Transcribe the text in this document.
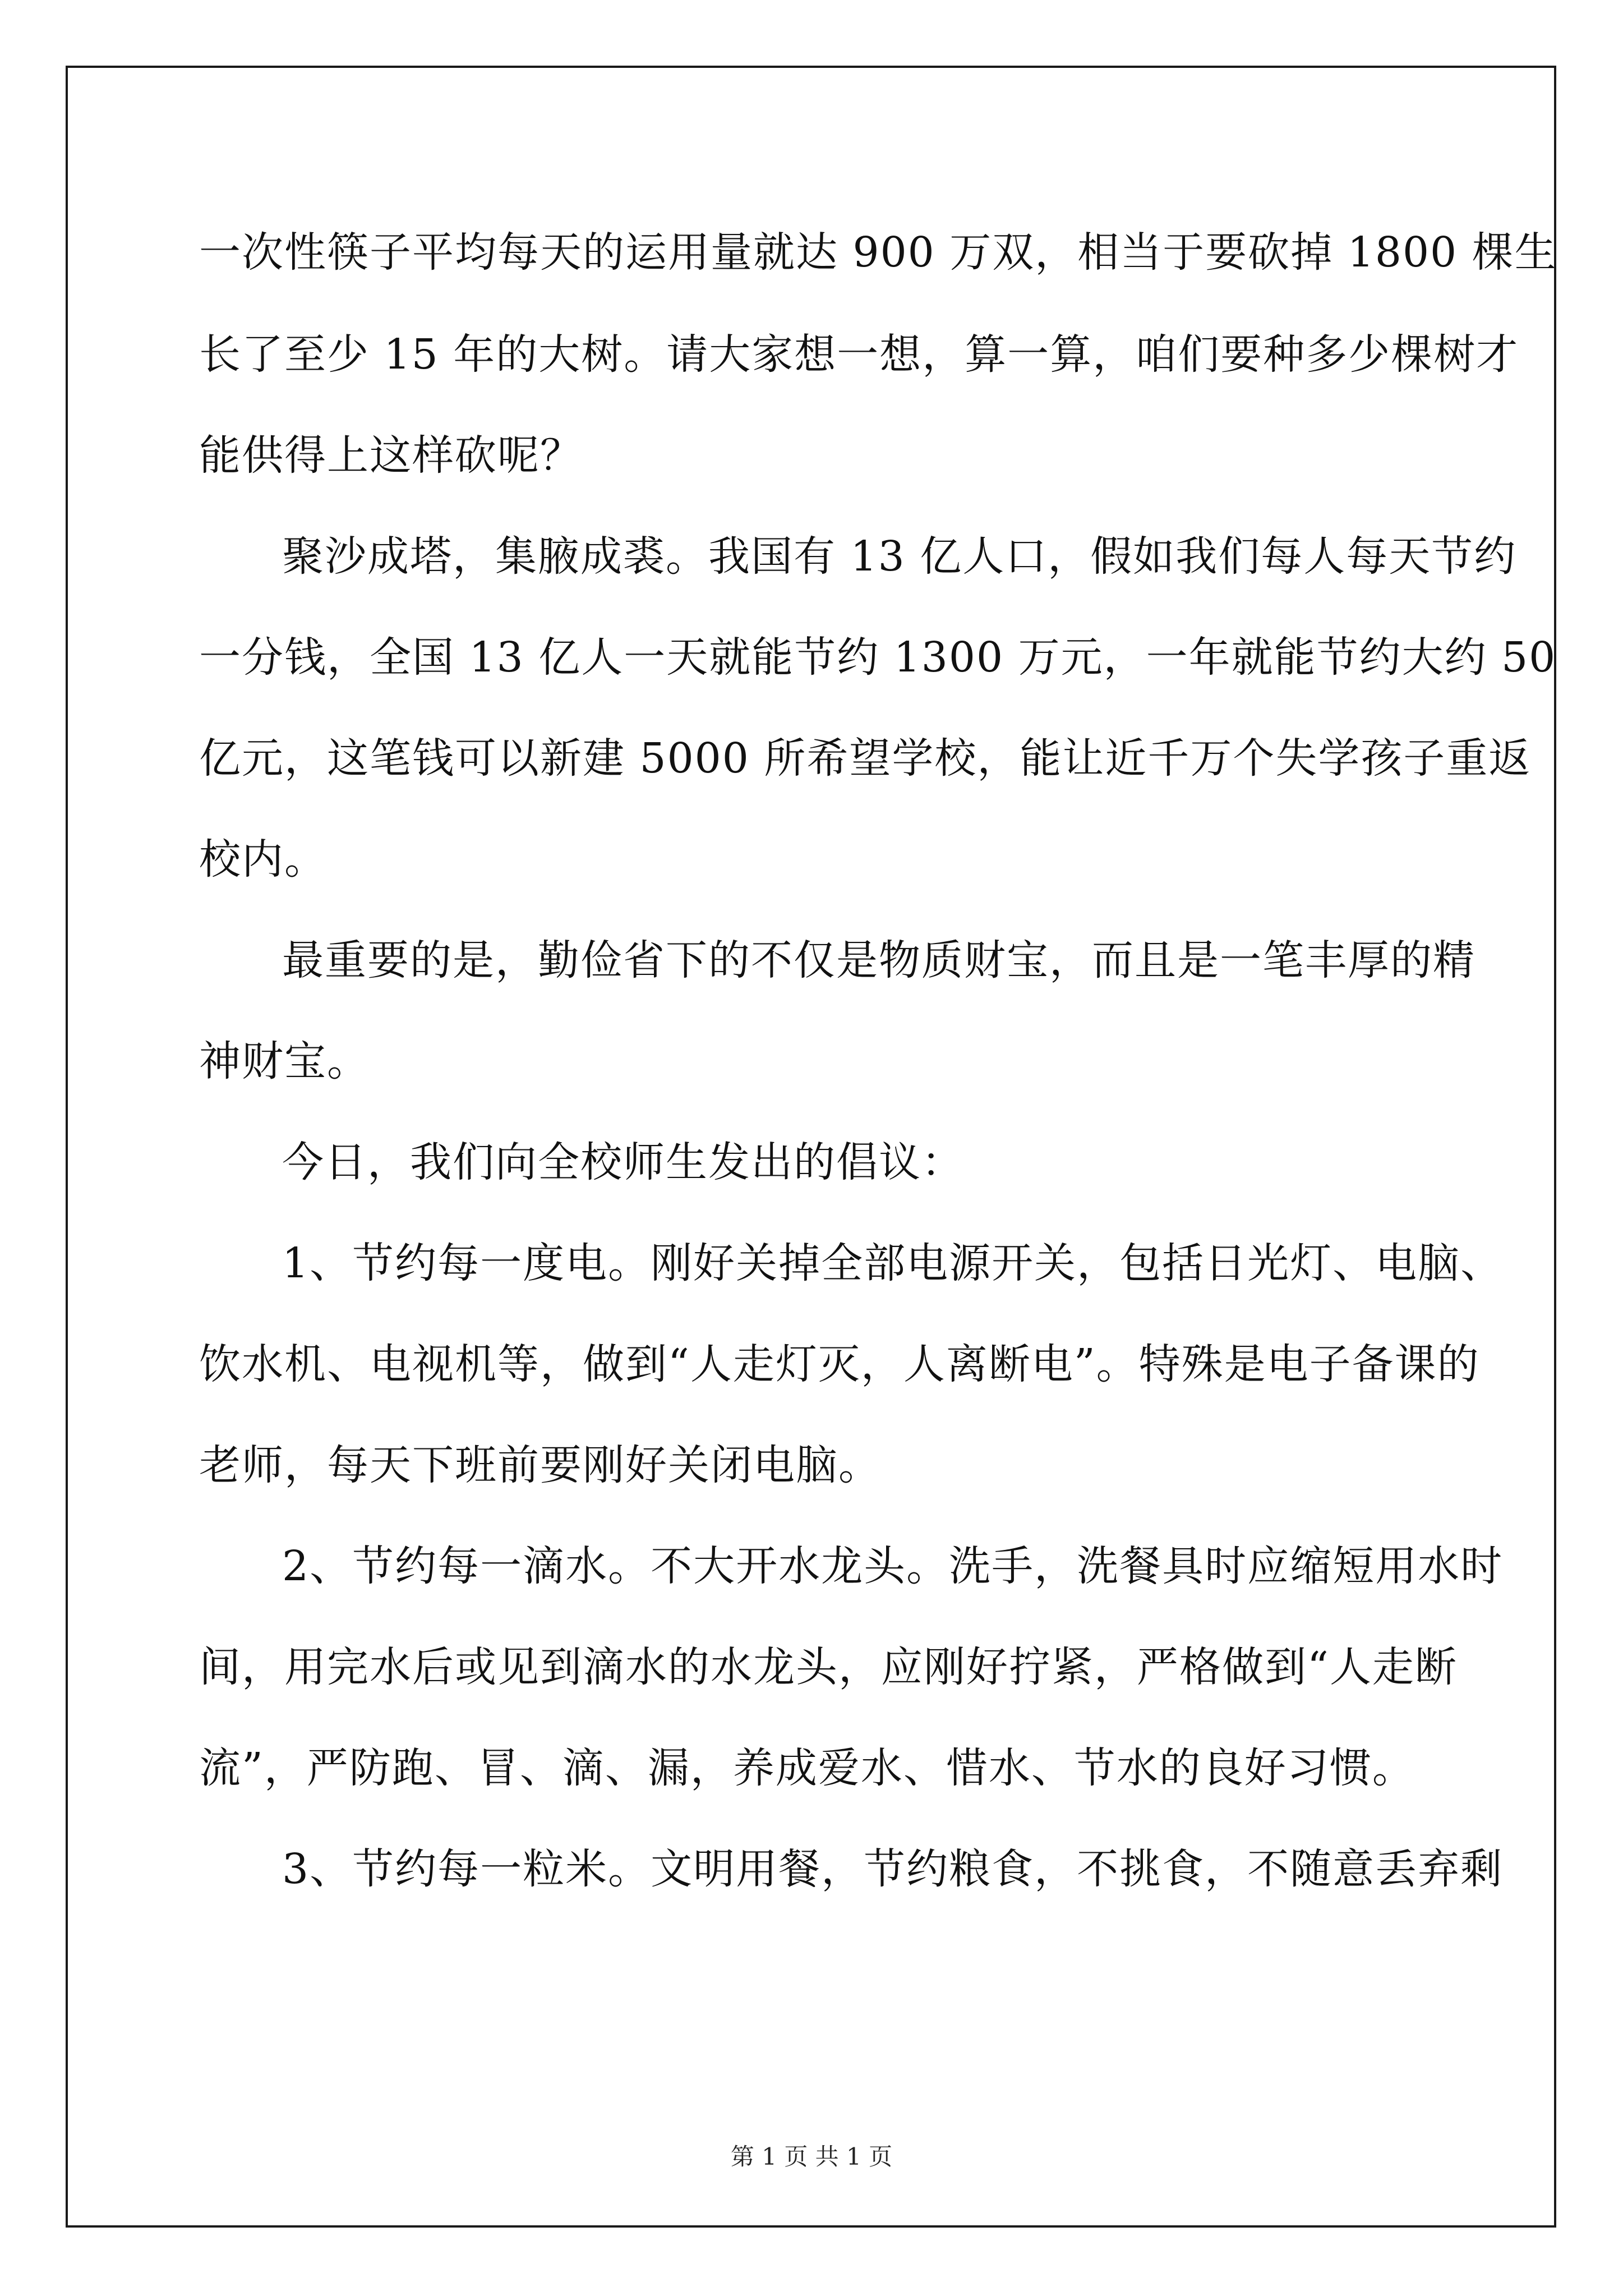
一次性筷子平均每天的运用量就达 900 万双，相当于要砍掉 1800 棵生
长了至少 15 年的大树。请大家想一想，算一算，咱们要种多少棵树才
能供得上这样砍呢？
聚沙成塔，集腋成裘。我国有 13 亿人口，假如我们每人每天节约
一分钱，全国 13 亿人一天就能节约 1300 万元，一年就能节约大约 50
亿元，这笔钱可以新建 5000 所希望学校，能让近千万个失学孩子重返
校内。
最重要的是，勤俭省下的不仅是物质财宝，而且是一笔丰厚的精
神财宝。
今日，我们向全校师生发出的倡议：
1、节约每一度电。刚好关掉全部电源开关，包括日光灯、电脑、
饮水机、电视机等，做到“人走灯灭，人离断电”。特殊是电子备课的
老师，每天下班前要刚好关闭电脑。
2、节约每一滴水。不大开水龙头。洗手，洗餐具时应缩短用水时
间，用完水后或见到滴水的水龙头，应刚好拧紧，严格做到“人走断
流”，严防跑、冒、滴、漏，养成爱水、惜水、节水的良好习惯。
3、节约每一粒米。文明用餐，节约粮食，不挑食，不随意丢弃剩
第 1 页 共 1 页
